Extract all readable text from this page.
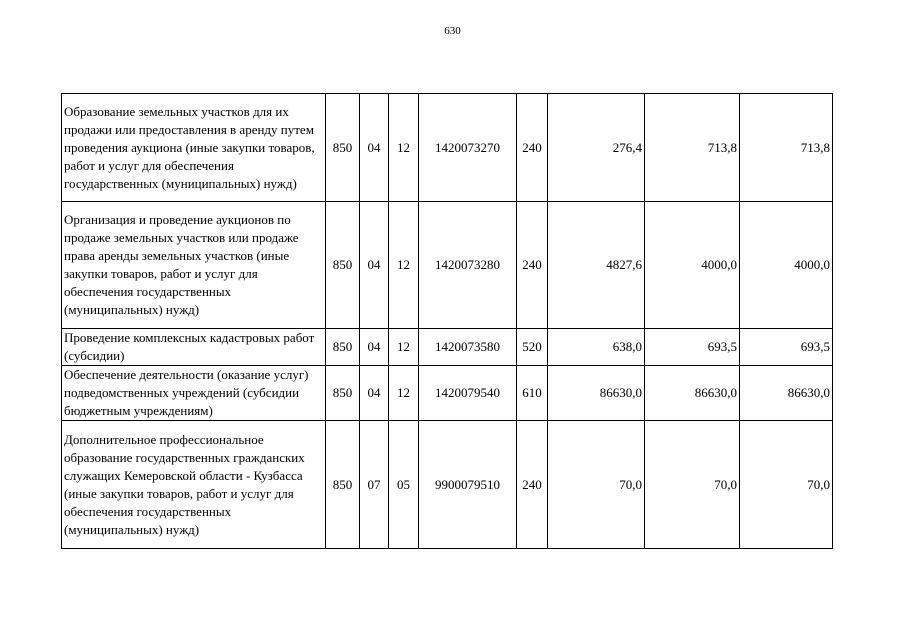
630
Образование земельных участков для их продажи или предоставления в аренду путем проведения аукциона (иные закупки товаров, работ и услуг для обеспечения государственных (муниципальных) нужд)	850	04	12	1420073270	240	276,4	713,8	713,8
Организация и проведение аукционов по продаже земельных участков или продаже права аренды земельных участков (иные закупки товаров, работ и услуг для обеспечения государственных (муниципальных) нужд)	850	04	12	1420073280	240	4827,6	4000,0	4000,0
Проведение комплексных кадастровых работ (субсидии)	850	04	12	1420073580	520	638,0	693,5	693,5
Обеспечение деятельности (оказание услуг) подведомственных учреждений (субсидии бюджетным учреждениям)	850	04	12	1420079540	610	86630,0	86630,0	86630,0
Дополнительное профессиональное образование государственных гражданских служащих Кемеровской области - Кузбасса (иные закупки товаров, работ и услуг для обеспечения государственных (муниципальных) нужд)	850	07	05	9900079510	240	70,0	70,0	70,0
